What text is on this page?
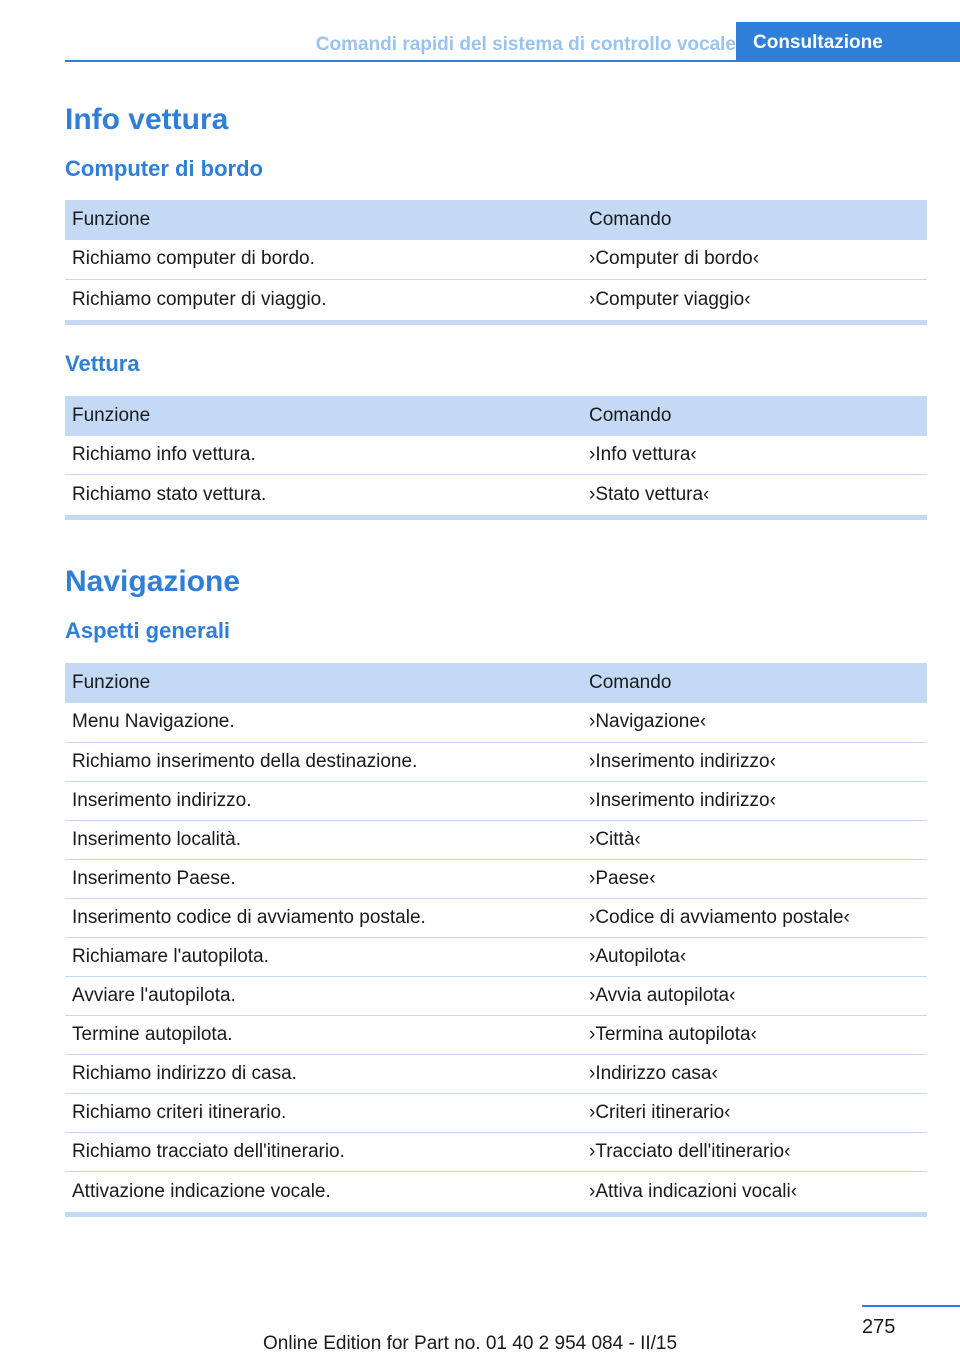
Comandi rapidi del sistema di controllo vocale Consultazione
Info vettura
Computer di bordo
Funzione	Comando
Richiamo computer di bordo.	›Computer di bordo‹
Richiamo computer di viaggio.	›Computer viaggio‹
Vettura
Funzione	Comando
Richiamo info vettura.	›Info vettura‹
Richiamo stato vettura.	›Stato vettura‹
Navigazione
Aspetti generali
Funzione	Comando
Menu Navigazione.	›Navigazione‹
Richiamo inserimento della destinazione.	›Inserimento indirizzo‹
Inserimento indirizzo.	›Inserimento indirizzo‹
Inserimento località.	›Città‹
Inserimento Paese.	›Paese‹
Inserimento codice di avviamento postale.	›Codice di avviamento postale‹
Richiamare l'autopilota.	›Autopilota‹
Avviare l'autopilota.	›Avvia autopilota‹
Termine autopilota.	›Termina autopilota‹
Richiamo indirizzo di casa.	›Indirizzo casa‹
Richiamo criteri itinerario.	›Criteri itinerario‹
Richiamo tracciato dell'itinerario.	›Tracciato dell'itinerario‹
Attivazione indicazione vocale.	›Attiva indicazioni vocali‹
275
Online Edition for Part no. 01 40 2 954 084 - II/15
